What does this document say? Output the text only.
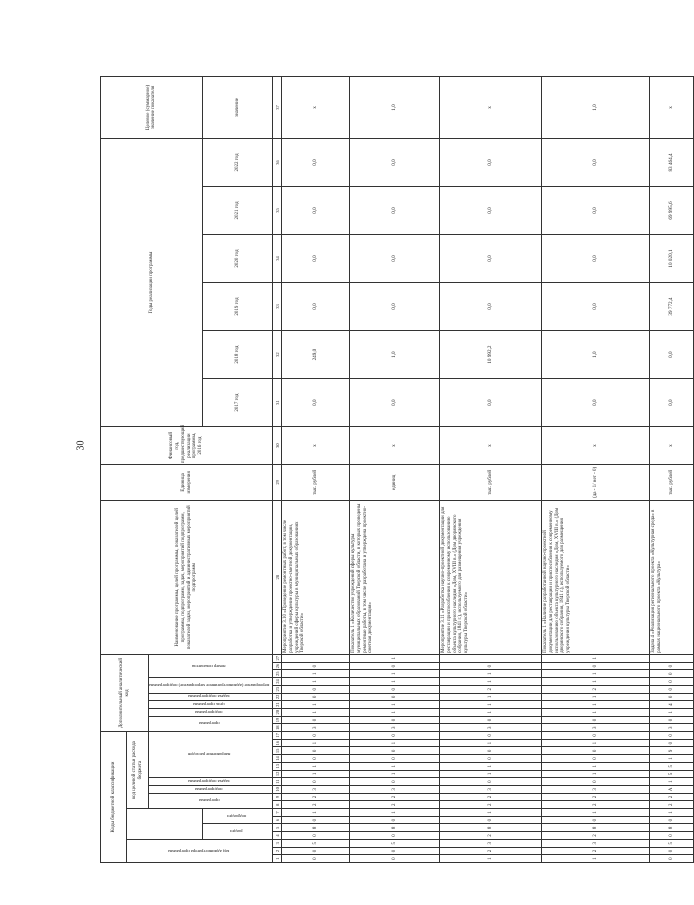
30
Коды бюджетной классификации																	Дополнительный аналитический код										Наименование программы, целей программы, показателей целей программы, подпрограмм, задач, мероприятий подпрограмм, показателей задач, мероприятий и административных мероприятий подпрограмм	Единица измерения	Финансовый год, предшествующий реализации программы, 2016 год	Годы реализации программы						Целевое (суммарное) значение показателя
код администратора программы							код целевой статьи расхода бюджета																													
							программа		подпрограмма	задача подпрограммы	направление расходов						программа		подпрограмма	цель программы	задача подпрограммы	мероприятие (административное мероприятие) подпрограммы		номер показателя												
			раздел		подраздел																									2017 год	2018 год	2019 год	2020 год	2021 год	2022 год	значение
1	2	3	4	5	6	7	8	9	10	11	12	13	14	15	16	17	18	19	20	21	22	23	24	25	26	27	28	29	30	31	32	33	34	35	36	37
0	0	5	0	8	0	1	2	2	3	0	1	1	0	0	1	0	3	0	1	1	0	0	1	1	0		Мероприятие 3.10 «Проведение ремонтных работ, в том числе разработка и утверждение проектно-сметной документации, учреждений сферы культуры в муниципальных образованиях Тверской области»	тыс. рублей	x	0,0	249,0	0,0	0,0	0,0	0,0	x
0	0	5	0	8	0	1	2	2	3	0	1	1	0	0	1	0	3	0	1	1	0	0	1	1	0	1	Показатель 1 «Количество учреждений сферы культуры муниципальных образований Тверской области, в которых проведены ремонтные работы, в том числе разработана и утверждена проектно-сметная документация»	единиц	x	0,0	1,0	0,0	0,0	0,0	0,0	1,0
1	2	3	2	8	0	1	2	2	3	0	1	1	0	0	1	0	3	0	1	1	1	2	1	1	0		Мероприятие 3.11 «Разработка научно-проектной документации для реставрации и приспособления к современному использованию объекта культурного наследия «Дом, XVIII в.» (Дом дворянского собрания, 1841 г.), используемого для размещения учреждения культуры Тверской области»	тыс. рублей	x	0,0	10 992,2	0,0	0,0	0,0	0,0	x
1	2	3	2	8	0	1	2	2	3	0	1	1	0	0	1	0	3	0	1	1	1	2	1	1	0	1	Показатель 1 «Наличие разработанной научно-проектной документации для реставрации и приспособления к современному использованию объекта культурного наследия «Дом, XVIII в.» (Дом дворянского собрания, 1841 г.), используемого для размещения учреждения культуры Тверской области»	(да - 1/ нет - 0)	x	0,0	1,0	0,0	0,0	0,0	0,0	1,0
0	0	5	0	8	0	1	2	2	А	1	5	5	1	9	0	0	3	0	1	4	0	0	0	0	0		Задача 4 «Реализация регионального проекта «Культурная среда» в рамках национального проекта «Культура»	тыс. рублей	x	0,0	0,0	39 772,4	10 020,1	69 995,6	83 464,4	x
